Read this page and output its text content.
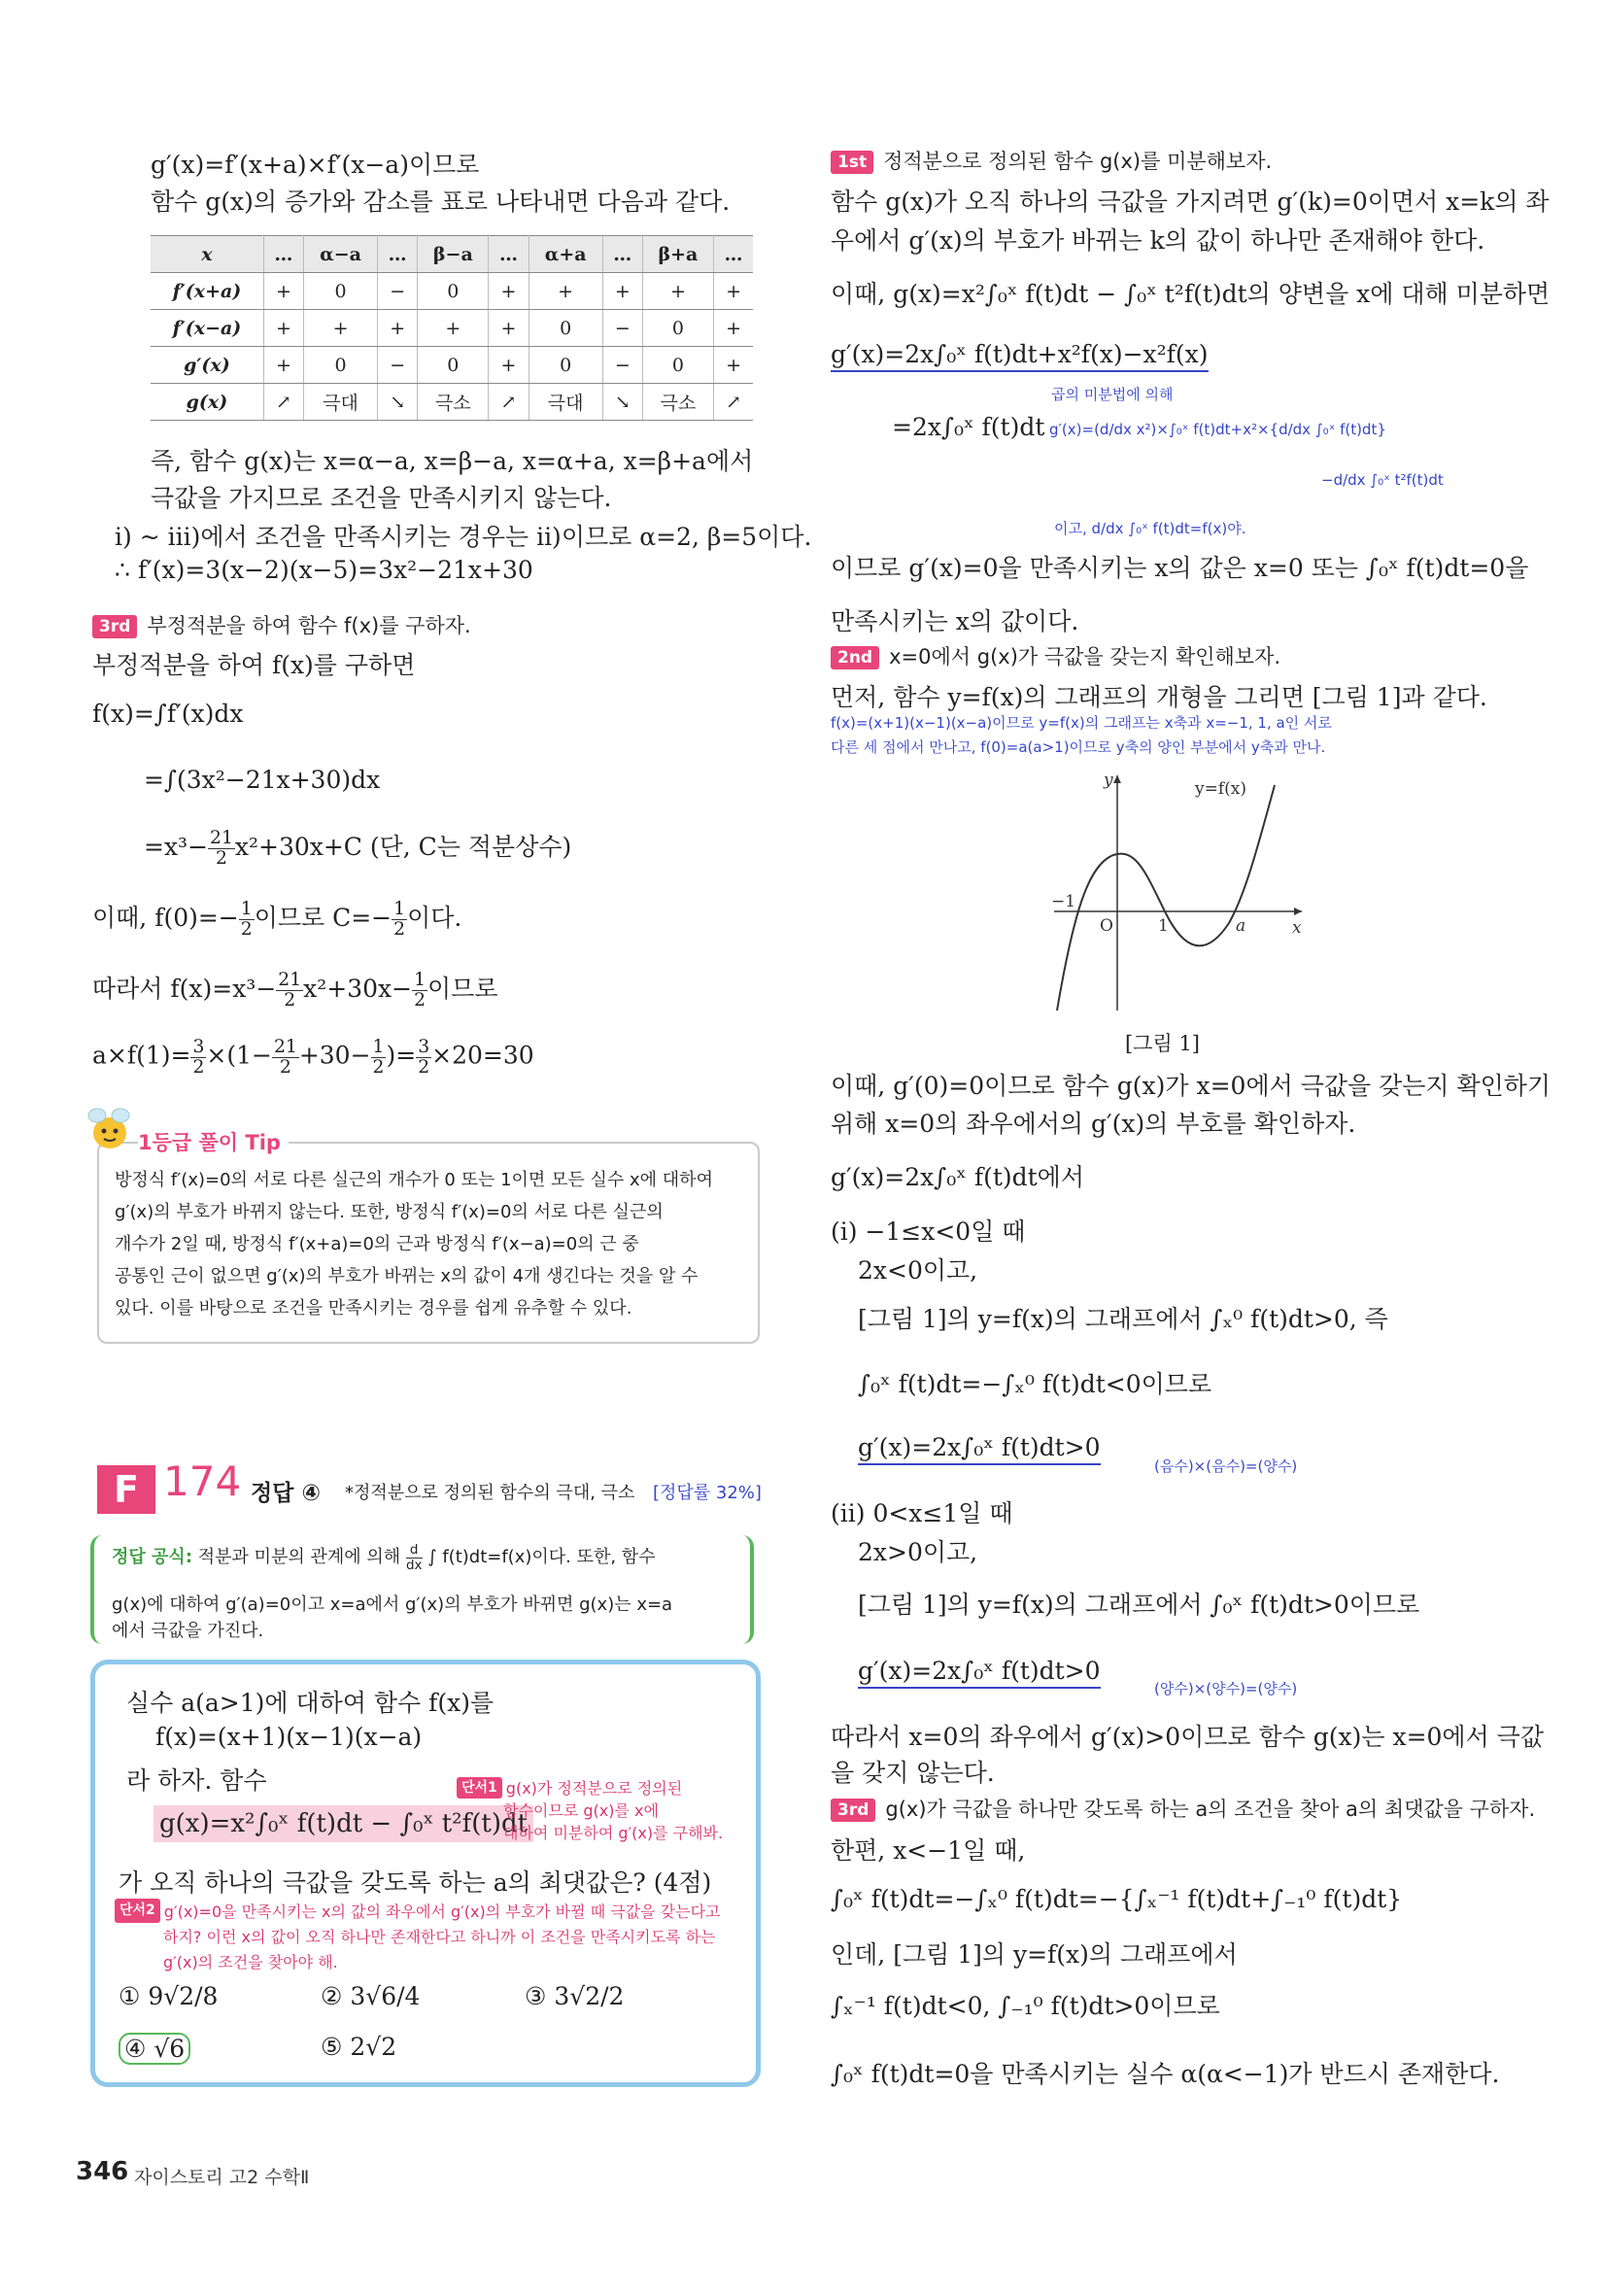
g′(x)=f′(x+a)×f′(x−a)이므로
함수 g(x)의 증가와 감소를 표로 나타내면 다음과 같다.
x	…	α−a	…	β−a	…	α+a	…	β+a	…
f′(x+a)	+	0	−	0	+	+	+	+	+
f′(x−a)	+	+	+	+	+	0	−	0	+
g′(x)	+	0	−	0	+	0	−	0	+
g(x)	↗	극대	↘	극소	↗	극대	↘	극소	↗
즉, 함수 g(x)는 x=α−a, x=β−a, x=α+a, x=β+a에서
극값을 가지므로 조건을 만족시키지 않는다.
i) ~ iii)에서 조건을 만족시키는 경우는 ii)이므로 α=2, β=5이다.
∴ f′(x)=3(x−2)(x−5)=3x²−21x+30
3rd 부정적분을 하여 함수 f(x)를 구하자.
부정적분을 하여 f(x)를 구하면
f(x)=∫f′(x)dx
=∫(3x²−21x+30)dx
$=x^3- \frac{21}{2} x^2+30x+C$ (단, C는 적분상수)
이때, $f(0)=- \frac{1}{2}$ 이므로 $C=- \frac{1}{2}$ 이다.
따라서 $f(x)=x^3- \frac{21}{2} x^2+30x- \frac{1}{2}$ 이므로
$a\times f(1)= \frac{3}{2} \times(1- \frac{21}{2} +30- \frac{1}{2}$ )= $\frac{3}{2} \times 20=30$
1등급 풀이 Tip
방정식 f′(x)=0의 서로 다른 실근의 개수가 0 또는 1이면 모든 실수 x에 대하여
g′(x)의 부호가 바뀌지 않는다. 또한, 방정식 f′(x)=0의 서로 다른 실근의
개수가 2일 때, 방정식 f′(x+a)=0의 근과 방정식 f′(x−a)=0의 근 중
공통인 근이 없으면 g′(x)의 부호가 바뀌는 x의 값이 4개 생긴다는 것을 알 수
있다. 이를 바탕으로 조건을 만족시키는 경우를 쉽게 유추할 수 있다.
F 174 정답 ④ *정적분으로 정의된 함수의 극대, 극소 [정답률 32%]
정답 공식: 적분과 미분의 관계에 의해 $\frac{d}{dx}$ ∫ f(t)dt=f(x)이다. 또한, 함수
g(x)에 대하여 g′(a)=0이고 x=a에서 g′(x)의 부호가 바뀌면 g(x)는 x=a
에서 극값을 가진다.
실수 a(a>1)에 대하여 함수 f(x)를
f(x)=(x+1)(x−1)(x−a)
라 하자. 함수
g(x)=x²∫₀ˣ f(t)dt − ∫₀ˣ t²f(t)dt
단서1 g(x)가 정적분으로 정의된
함수이므로 g(x)를 x에
대하여 미분하여 g′(x)를 구해봐.
가 오직 하나의 극값을 갖도록 하는 a의 최댓값은? (4점)
단서2 g′(x)=0을 만족시키는 x의 값의 좌우에서 g′(x)의 부호가 바뀔 때 극값을 갖는다고
하지? 이런 x의 값이 오직 하나만 존재한다고 하니까 이 조건을 만족시키도록 하는
g′(x)의 조건을 찾아야 해.
① 9√2/8	② 3√6/4	③ 3√2/2
④ √6	⑤ 2√2
1st 정적분으로 정의된 함수 g(x)를 미분해보자.
함수 g(x)가 오직 하나의 극값을 가지려면 g′(k)=0이면서 x=k의 좌
우에서 g′(x)의 부호가 바뀌는 k의 값이 하나만 존재해야 한다.
이때, g(x)=x²∫₀ˣ f(t)dt − ∫₀ˣ t²f(t)dt의 양변을 x에 대해 미분하면
g′(x)=2x∫₀ˣ f(t)dt+x²f(x)−x²f(x)
곱의 미분법에 의해
=2x∫₀ˣ f(t)dt g′(x)=(d/dx x²)×∫₀ˣ f(t)dt+x²×{d/dx ∫₀ˣ f(t)dt}
−d/dx ∫₀ˣ t²f(t)dt
이고, d/dx ∫₀ˣ f(t)dt=f(x)야.
이므로 g′(x)=0을 만족시키는 x의 값은 x=0 또는 ∫₀ˣ f(t)dt=0을
만족시키는 x의 값이다.
2nd x=0에서 g(x)가 극값을 갖는지 확인해보자.
먼저, 함수 y=f(x)의 그래프의 개형을 그리면 [그림 1]과 같다.
f(x)=(x+1)(x−1)(x−a)이므로 y=f(x)의 그래프는 x축과 x=−1, 1, a인 서로
다른 세 점에서 만나고, f(0)=a(a>1)이므로 y축의 양인 부분에서 y축과 만나.
y
x
y=f(x)
O
−1
1	a
[그림 1]
이때, g′(0)=0이므로 함수 g(x)가 x=0에서 극값을 갖는지 확인하기
위해 x=0의 좌우에서의 g′(x)의 부호를 확인하자.
g′(x)=2x∫₀ˣ f(t)dt에서
(i) −1≤x<0일 때
2x<0이고,
[그림 1]의 y=f(x)의 그래프에서 ∫ₓ⁰ f(t)dt>0, 즉
∫₀ˣ f(t)dt=−∫ₓ⁰ f(t)dt<0이므로
g′(x)=2x∫₀ˣ f(t)dt>0
(음수)×(음수)=(양수)
(ii) 0<x≤1일 때
2x>0이고,
[그림 1]의 y=f(x)의 그래프에서 ∫₀ˣ f(t)dt>0이므로
g′(x)=2x∫₀ˣ f(t)dt>0
(양수)×(양수)=(양수)
따라서 x=0의 좌우에서 g′(x)>0이므로 함수 g(x)는 x=0에서 극값
을 갖지 않는다.
3rd g(x)가 극값을 하나만 갖도록 하는 a의 조건을 찾아 a의 최댓값을 구하자.
한편, x<−1일 때,
∫₀ˣ f(t)dt=−∫ₓ⁰ f(t)dt=−{∫ₓ⁻¹ f(t)dt+∫₋₁⁰ f(t)dt}
인데, [그림 1]의 y=f(x)의 그래프에서
∫ₓ⁻¹ f(t)dt<0, ∫₋₁⁰ f(t)dt>0이므로
∫₀ˣ f(t)dt=0을 만족시키는 실수 α(α<−1)가 반드시 존재한다.
346 자이스토리 고2 수학Ⅱ
